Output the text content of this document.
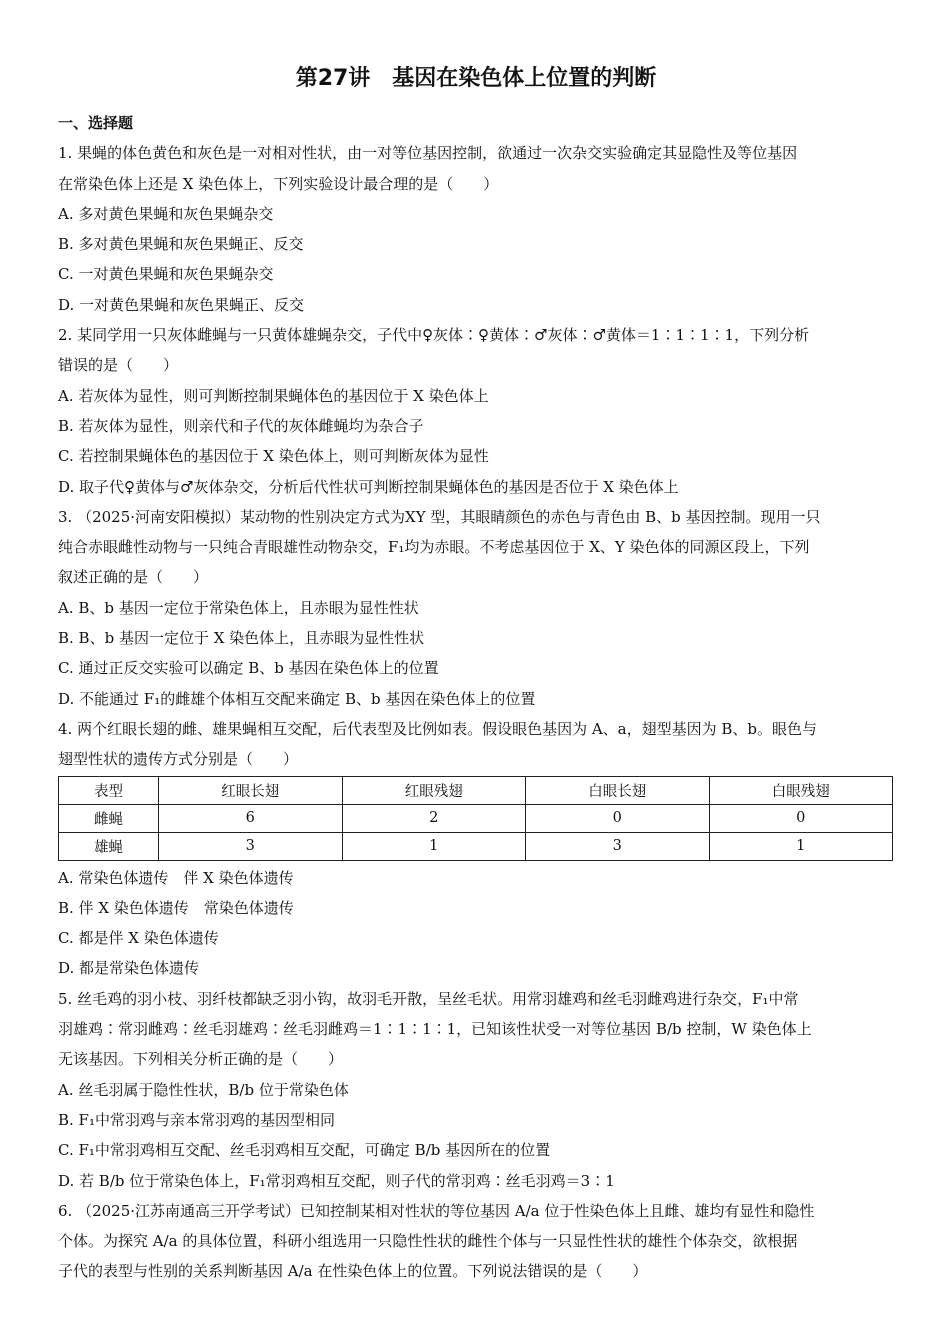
第27讲　基因在染色体上位置的判断
一、选择题
1. 果蝇的体色黄色和灰色是一对相对性状，由一对等位基因控制，欲通过一次杂交实验确定其显隐性及等位基因
在常染色体上还是 X 染色体上，下列实验设计最合理的是（　　）
A. 多对黄色果蝇和灰色果蝇杂交
B. 多对黄色果蝇和灰色果蝇正、反交
C. 一对黄色果蝇和灰色果蝇杂交
D. 一对黄色果蝇和灰色果蝇正、反交
2. 某同学用一只灰体雌蝇与一只黄体雄蝇杂交，子代中♀灰体∶♀黄体∶♂灰体∶♂黄体＝1∶1∶1∶1，下列分析
错误的是（　　）
A. 若灰体为显性，则可判断控制果蝇体色的基因位于 X 染色体上
B. 若灰体为显性，则亲代和子代的灰体雌蝇均为杂合子
C. 若控制果蝇体色的基因位于 X 染色体上，则可判断灰体为显性
D. 取子代♀黄体与♂灰体杂交，分析后代性状可判断控制果蝇体色的基因是否位于 X 染色体上
3. （2025·河南安阳模拟）某动物的性别决定方式为XY 型，其眼睛颜色的赤色与青色由 B、b 基因控制。现用一只
纯合赤眼雌性动物与一只纯合青眼雄性动物杂交，F₁均为赤眼。不考虑基因位于 X、Y 染色体的同源区段上，下列
叙述正确的是（　　）
A. B、b 基因一定位于常染色体上，且赤眼为显性性状
B. B、b 基因一定位于 X 染色体上，且赤眼为显性性状
C. 通过正反交实验可以确定 B、b 基因在染色体上的位置
D. 不能通过 F₁的雌雄个体相互交配来确定 B、b 基因在染色体上的位置
4. 两个红眼长翅的雌、雄果蝇相互交配，后代表型及比例如表。假设眼色基因为 A、a，翅型基因为 B、b。眼色与
翅型性状的遗传方式分别是（　　）
表型	红眼长翅	红眼残翅	白眼长翅	白眼残翅
雌蝇	6	2	0	0
雄蝇	3	1	3	1
A. 常染色体遗传　伴 X 染色体遗传
B. 伴 X 染色体遗传　常染色体遗传
C. 都是伴 X 染色体遗传
D. 都是常染色体遗传
5. 丝毛鸡的羽小枝、羽纤枝都缺乏羽小钩，故羽毛开散，呈丝毛状。用常羽雄鸡和丝毛羽雌鸡进行杂交，F₁中常
羽雄鸡∶常羽雌鸡∶丝毛羽雄鸡∶丝毛羽雌鸡＝1∶1∶1∶1，已知该性状受一对等位基因 B/b 控制，W 染色体上
无该基因。下列相关分析正确的是（　　）
A. 丝毛羽属于隐性性状，B/b 位于常染色体
B. F₁中常羽鸡与亲本常羽鸡的基因型相同
C. F₁中常羽鸡相互交配、丝毛羽鸡相互交配，可确定 B/b 基因所在的位置
D. 若 B/b 位于常染色体上，F₁常羽鸡相互交配，则子代的常羽鸡∶丝毛羽鸡＝3∶1
6. （2025·江苏南通高三开学考试）已知控制某相对性状的等位基因 A/a 位于性染色体上且雌、雄均有显性和隐性
个体。为探究 A/a 的具体位置，科研小组选用一只隐性性状的雌性个体与一只显性性状的雄性个体杂交，欲根据
子代的表型与性别的关系判断基因 A/a 在性染色体上的位置。下列说法错误的是（　　）
